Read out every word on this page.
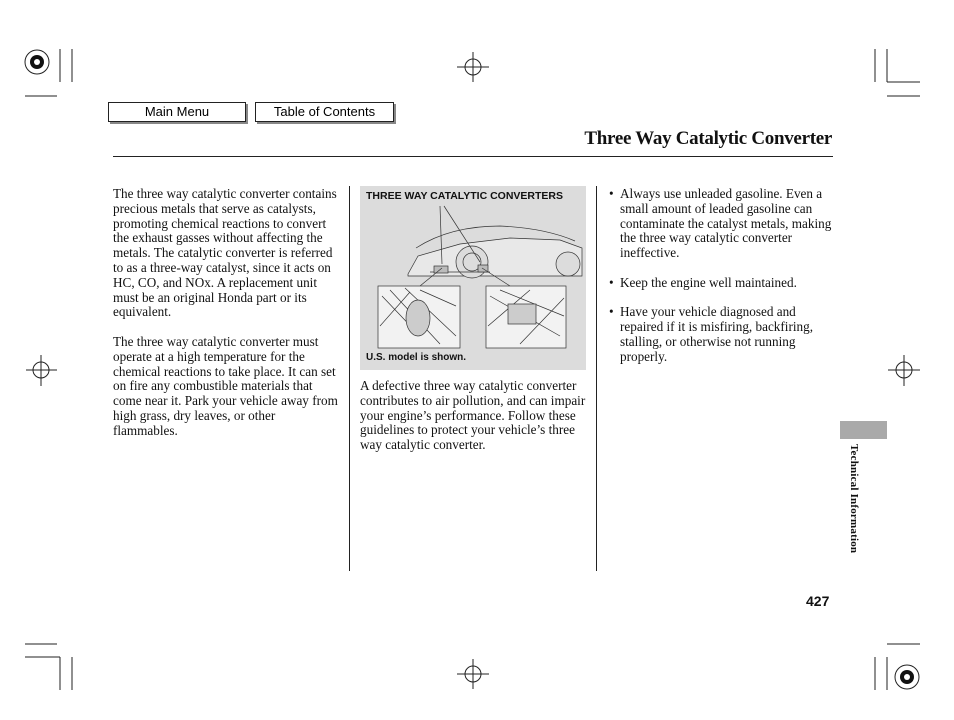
Main Menu	Table of Contents
Three Way Catalytic Converter

The three way catalytic converter contains precious metals that serve as catalysts, promoting chemical reactions to convert the exhaust gasses without affecting the metals. The catalytic converter is referred to as a three-way catalyst, since it acts on HC, CO, and NOx. A replacement unit must be an original Honda part or its equivalent.

The three way catalytic converter must operate at a high temperature for the chemical reactions to take place. It can set on fire any combustible materials that come near it. Park your vehicle away from high grass, dry leaves, or other flammables.

THREE WAY CATALYTIC CONVERTERS
U.S. model is shown.

A defective three way catalytic converter contributes to air pollution, and can impair your engine’s performance. Follow these guidelines to protect your vehicle’s three way catalytic converter.

• Always use unleaded gasoline. Even a small amount of leaded gasoline can contaminate the catalyst metals, making the three way catalytic converter ineffective.
• Keep the engine well maintained.
• Have your vehicle diagnosed and repaired if it is misfiring, backfiring, stalling, or otherwise not running properly.
Technical Information
427
